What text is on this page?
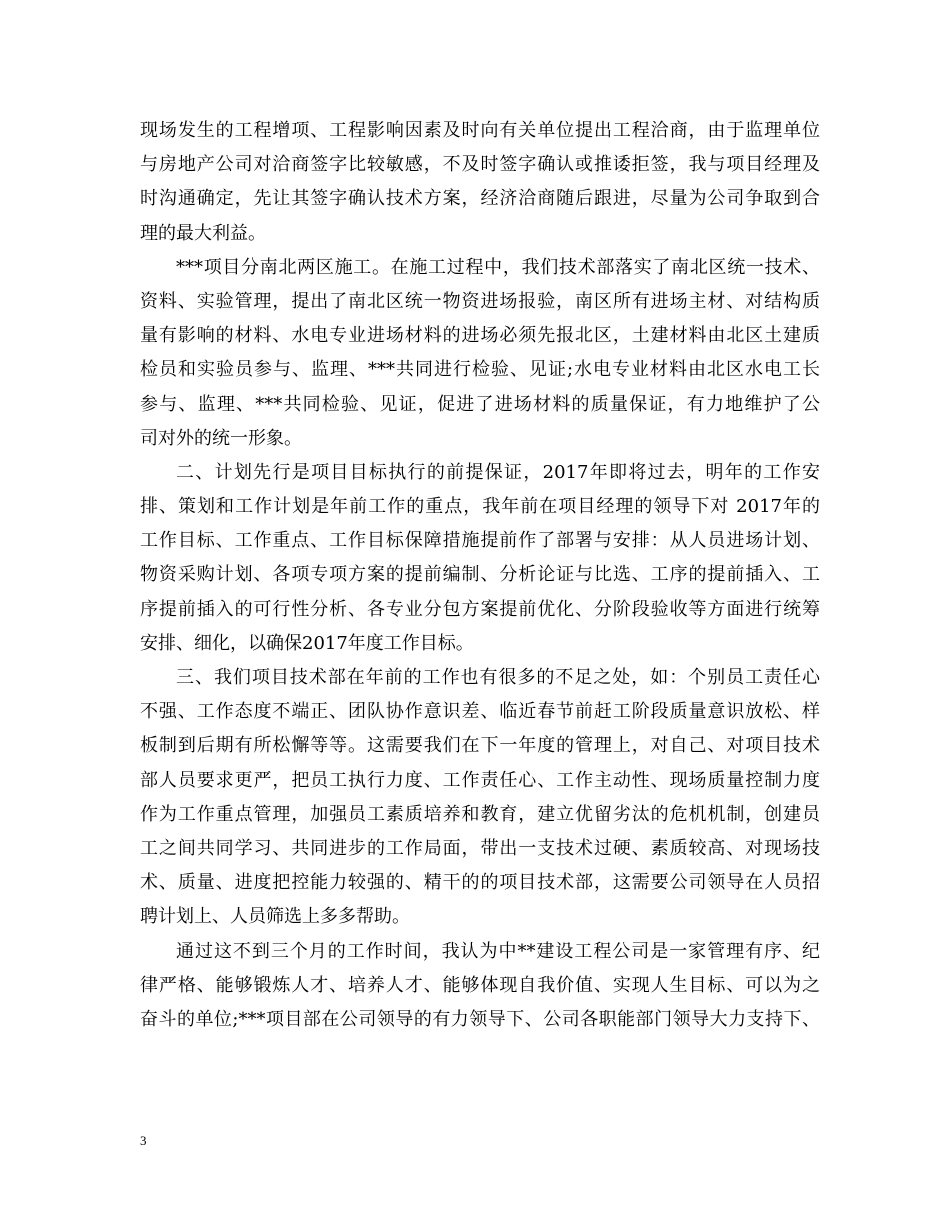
现场发生的工程增项、工程影响因素及时向有关单位提出工程洽商，由于监理单位
与房地产公司对洽商签字比较敏感，不及时签字确认或推诿拒签，我与项目经理及
时沟通确定，先让其签字确认技术方案，经济洽商随后跟进，尽量为公司争取到合
理的最大利益。
***项目分南北两区施工。在施工过程中，我们技术部落实了南北区统一技术、
资料、实验管理，提出了南北区统一物资进场报验，南区所有进场主材、对结构质
量有影响的材料、水电专业进场材料的进场必须先报北区，土建材料由北区土建质
检员和实验员参与、监理、***共同进行检验、见证;水电专业材料由北区水电工长
参与、监理、***共同检验、见证，促进了进场材料的质量保证，有力地维护了公
司对外的统一形象。
二、计划先行是项目目标执行的前提保证，2017年即将过去，明年的工作安
排、策划和工作计划是年前工作的重点，我年前在项目经理的领导下对 2017年的
工作目标、工作重点、工作目标保障措施提前作了部署与安排：从人员进场计划、
物资采购计划、各项专项方案的提前编制、分析论证与比选、工序的提前插入、工
序提前插入的可行性分析、各专业分包方案提前优化、分阶段验收等方面进行统筹
安排、细化，以确保2017年度工作目标。
三、我们项目技术部在年前的工作也有很多的不足之处，如：个别员工责任心
不强、工作态度不端正、团队协作意识差、临近春节前赶工阶段质量意识放松、样
板制到后期有所松懈等等。这需要我们在下一年度的管理上，对自己、对项目技术
部人员要求更严，把员工执行力度、工作责任心、工作主动性、现场质量控制力度
作为工作重点管理，加强员工素质培养和教育，建立优留劣汰的危机机制，创建员
工之间共同学习、共同进步的工作局面，带出一支技术过硬、素质较高、对现场技
术、质量、进度把控能力较强的、精干的的项目技术部，这需要公司领导在人员招
聘计划上、人员筛选上多多帮助。
通过这不到三个月的工作时间，我认为中**建设工程公司是一家管理有序、纪
律严格、能够锻炼人才、培养人才、能够体现自我价值、实现人生目标、可以为之
奋斗的单位;***项目部在公司领导的有力领导下、公司各职能部门领导大力支持下、
3
